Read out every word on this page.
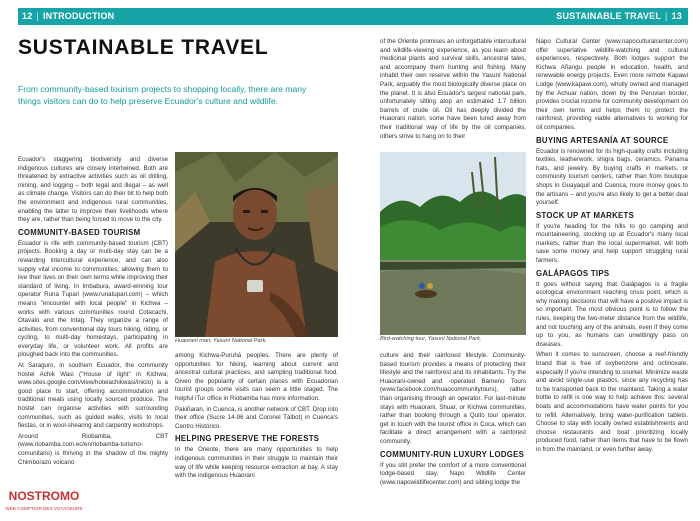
12 | INTRODUCTION	SUSTAINABLE TRAVEL | 13
SUSTAINABLE TRAVEL
From community-based tourism projects to shopping locally, there are many things visitors can do to help preserve Ecuador's culture and wildlife.

Ecuador's staggering biodiversity and diverse indigenous cultures are closely intertwined. Both are threatened by extractive activities such as oil drilling, mining, and logging – both legal and illegal – as well as climate change. Visitors can do their bit to help both the environment and indigenous rural communities, enabling the latter to improve their livelihoods where they are, rather than being forced to move to the city.

COMMUNITY-BASED TOURISM

Ecuador is rife with community-based tourism (CBT) projects. Booking a day or multi-day stay can be a rewarding intercultural experience, and can also supply vital income to communities, allowing them to live their lives on their own terms while improving their standard of living. In Imbabura, award-winning tour operator Runa Tupari (www.runatupari.com) – which means "encounter with local people" in Kichwa – works with various communities round Cotacachi, Otavalo and the Intag. They organize a range of activities, from conventional day tours hiking, riding, or cycling, to multi-day homestays, participating in everyday life, or volunteer work. All profits are ploughed back into the communities.

At Saraguro, in southern Ecuador, the community hostel Achik Wasi ("House of light" in Kichwa; www.sites.google.com/view/hotelachikwasi/inicio) is a good place to start, offering accommodation and traditional meals using locally sourced produce. The hostel can organise activities with surrounding communities, such as guided walks, visits to local fiestas, or in wool-shearing and carpentry workshops.

Around Riobamba, CBT (www.riobamba.com.ec/en/riobamba-turismo-comunitario) is thriving in the shadow of the mighty Chimborazo volcano

Huaorani man, Yasuní National Park.

among Kichwa-Puruhá peoples. There are plenty of opportunities for hiking, learning about current and ancestral cultural practices, and sampling traditional food. Given the popularity of certain places with Ecuadorian tourist groups some visits can seem a little staged. The helpful iTur office in Riobamba has more information.

Pakiñaran, in Cuenca, is another network of CBT. Drop into their office (Sucre 14-96 and Coronel Tálbot) in Cuenca's Centro Histórico.

HELPING PRESERVE THE FORESTS

In the Oriente, there are many opportunities to help indigenous communities in their struggle to maintain their way of life while keeping resource extraction at bay. A stay with the indigenous Huaorani

of the Oriente promises an unforgettable intercultural and wildlife-viewing experience, as you learn about medicinal plants and survival skills, ancestral tales, and accompany them hunting and fishing. Many inhabit their own reserve within the Yasuní National Park, arguably the most biologically diverse place on the planet. It is also Ecuador's largest national park, unfortunately sitting atop an estimated 1.7 billion barrels of crude oil. Oil has deeply divided the Huaorani nation; some have been lured away from their traditional way of life by the oil companies, others strive to hang on to their

Bird-watching tour, Yasuní National Park.

culture and their rainforest lifestyle. Community-based tourism provides a means of protecting their lifestyle and the rainforest and its inhabitants. Try the Huaorani-owned and -operated Bameno Tours (www.facebook.com/huaocommunitytours), rather than organising through an operator. For last-minute stays with Huaorani, Shuar, or Kichwa communities, rather than booking through a Quito tour operator, get in touch with the tourist office in Coca, which can facilitate a direct arrangement with a rainforest community.

COMMUNITY-RUN LUXURY LODGES

If you still prefer the comfort of a more conventional lodge-based stay, Napo Wildlife Center (www.napowildlifecenter.com) and sibling lodge the

Napo Cultural Center (www.napoculturalcenter.com) offer superlative wildlife-watching and cultural experiences, respectively. Both lodges support the Kichwa Añangu people in education, health, and renewable energy projects. Even more remote Kapawi Lodge (www.kapawi.com), wholly owned and managed by the Achuar nation, down by the Peruvian border, provides crucial income for community development on their own terms and helps them to protect the rainforest, providing viable alternatives to working for oil companies.

BUYING ARTESANÍA AT SOURCE

Ecuador is renowned for its high-quality crafts including textiles, leatherwork, shigra bags, ceramics, Panama hats, and jewelry. By buying crafts in markets, or community tourism centers, rather than from boutique shops in Guayaquil and Cuenca, more money goes to the artisans – and you're also likely to get a better deal yourself.

STOCK UP AT MARKETS

If you're heading for the hills to go camping and mountaineering, stocking up at Ecuador's many local markets, rather than the local supermarket, will both save some money and help support struggling rural farmers.

GALÁPAGOS TIPS

It goes without saying that Galápagos is a fragile ecological environment reaching crisis point, which is why making decisions that will have a positive impact is so important. The most obvious point is to follow the rules, keeping the two-meter distance from the wildlife, and not touching any of the animals, even if they come up to you, as humans can unwittingly pass on diseases.

When it comes to sunscreen, choose a reef-friendly brand that is free of oxybenzone and octinoxate, especially if you're intending to snorkel. Minimize waste and avoid single-use plastics, since any recycling has to be transported back to the mainland. Taking a water bottle to refill is one way to help achieve this: several boats and accommodations have water points for you to refill. Alternatively, bring water-purification tablets. Choose to stay with locally owned establishments and choose restaurants and boat prioritizing locally produced food, rather than items that have to be flown in from the mainland, or even further away.

NOSTROMO
WEB COMPTOIR DES VOYAGEURS
